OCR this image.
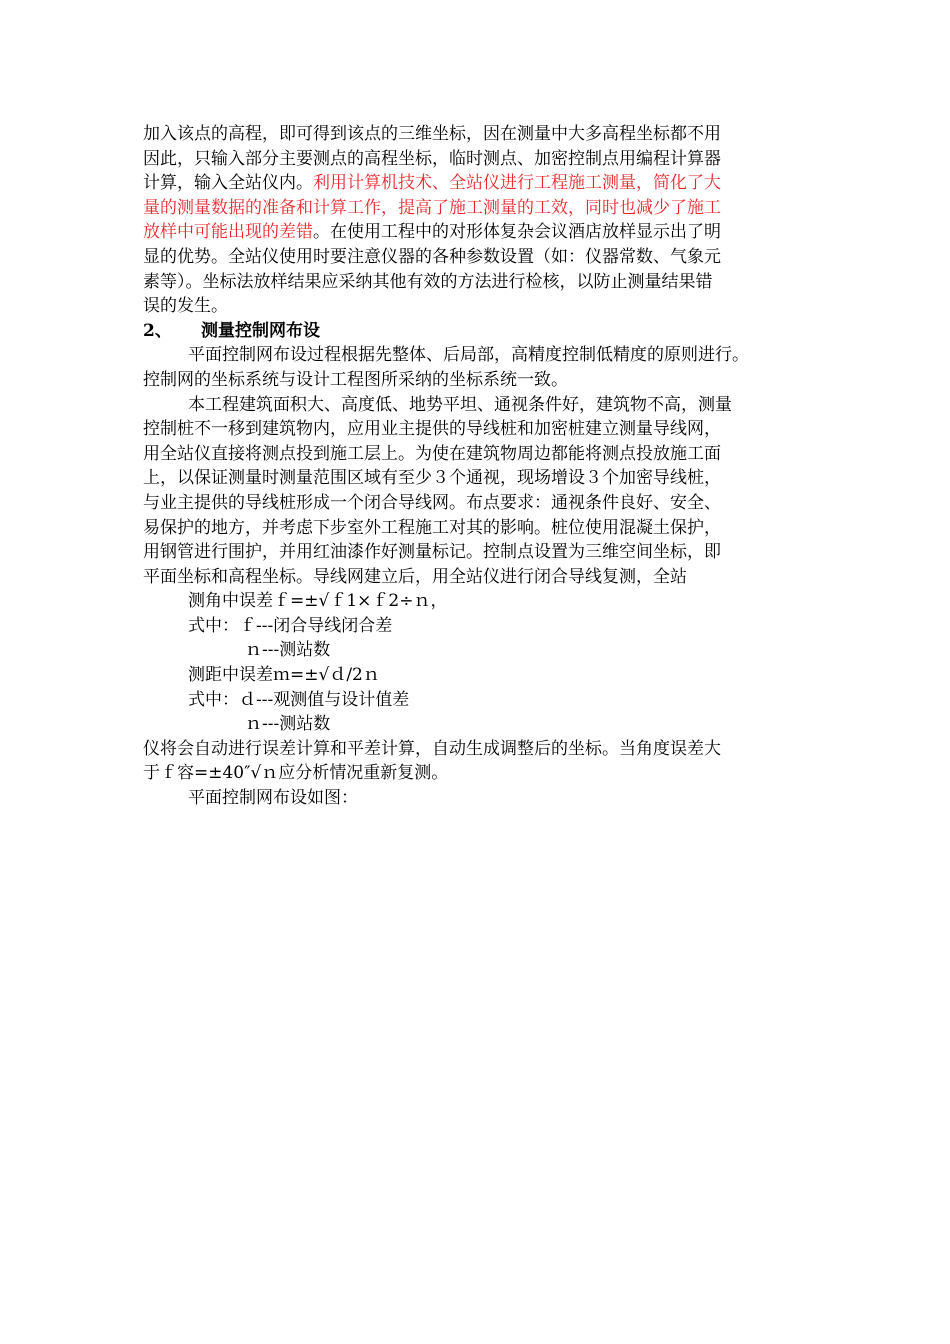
加入该点的高程，即可得到该点的三维坐标，因在测量中大多高程坐标都不用
因此，只输入部分主要测点的高程坐标，临时测点、加密控制点用编程计算器
计算，输入全站仪内。利用计算机技术、全站仪进行工程施工测量，简化了大
量的测量数据的准备和计算工作，提高了施工测量的工效，同时也减少了施工
放样中可能出现的差错。在使用工程中的对形体复杂会议酒店放样显示出了明
显的优势。全站仪使用时要注意仪器的各种参数设置（如：仪器常数、气象元
素等）。坐标法放样结果应采纳其他有效的方法进行检核，以防止测量结果错
误的发生。
2、 测量控制网布设
平面控制网布设过程根据先整体、后局部，高精度控制低精度的原则进行。
控制网的坐标系统与设计工程图所采纳的坐标系统一致。
本工程建筑面积大、高度低、地势平坦、通视条件好，建筑物不高，测量
控制桩不一移到建筑物内，应用业主提供的导线桩和加密桩建立测量导线网，
用全站仪直接将测点投到施工层上。为使在建筑物周边都能将测点投放施工面
上，以保证测量时测量范围区域有至少３个通视，现场增设３个加密导线桩，
与业主提供的导线桩形成一个闭合导线网。布点要求：通视条件良好、安全、
易保护的地方，并考虑下步室外工程施工对其的影响。桩位使用混凝土保护，
用钢管进行围护，并用红油漆作好测量标记。控制点设置为三维空间坐标，即
平面坐标和高程坐标。导线网建立后，用全站仪进行闭合导线复测，全站
测角中误差ｆ=±√ｆ1×ｆ2÷ｎ，
式中：ｆ---闭合导线闭合差
ｎ---测站数
测距中误差ｍ=±√ｄ/2ｎ
式中：ｄ---观测值与设计值差
ｎ---测站数
仪将会自动进行误差计算和平差计算，自动生成调整后的坐标。当角度误差大
于ｆ容=±40″√ｎ应分析情况重新复测。
平面控制网布设如图：
